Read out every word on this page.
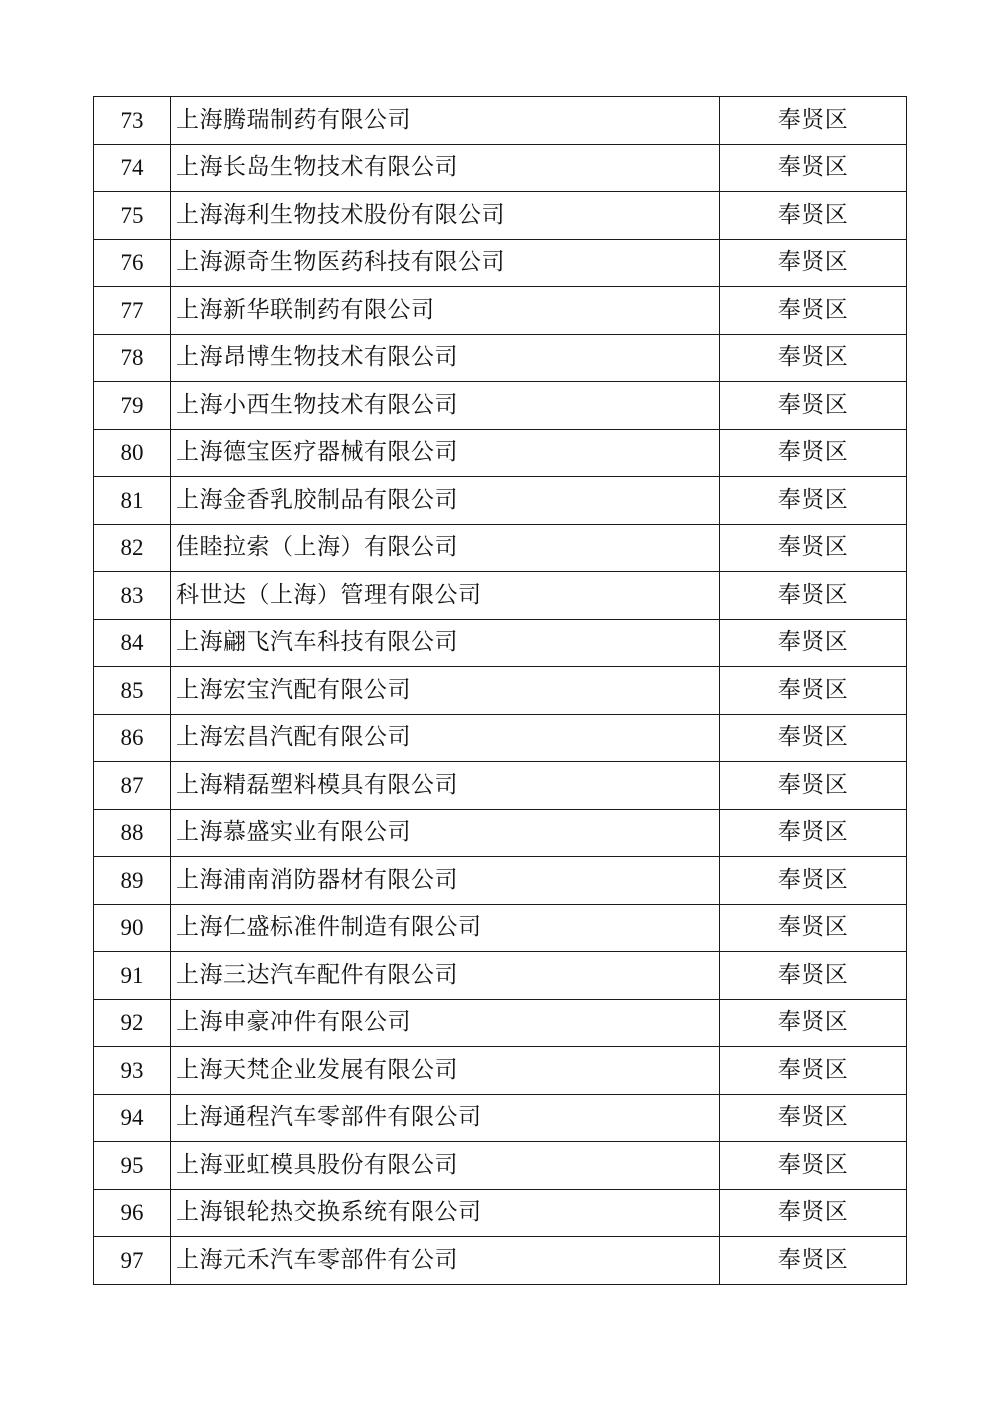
73	上海腾瑞制药有限公司	奉贤区
74	上海长岛生物技术有限公司	奉贤区
75	上海海利生物技术股份有限公司	奉贤区
76	上海源奇生物医药科技有限公司	奉贤区
77	上海新华联制药有限公司	奉贤区
78	上海昂博生物技术有限公司	奉贤区
79	上海小西生物技术有限公司	奉贤区
80	上海德宝医疗器械有限公司	奉贤区
81	上海金香乳胶制品有限公司	奉贤区
82	佳睦拉索（上海）有限公司	奉贤区
83	科世达（上海）管理有限公司	奉贤区
84	上海翩飞汽车科技有限公司	奉贤区
85	上海宏宝汽配有限公司	奉贤区
86	上海宏昌汽配有限公司	奉贤区
87	上海精磊塑料模具有限公司	奉贤区
88	上海慕盛实业有限公司	奉贤区
89	上海浦南消防器材有限公司	奉贤区
90	上海仁盛标准件制造有限公司	奉贤区
91	上海三达汽车配件有限公司	奉贤区
92	上海申豪冲件有限公司	奉贤区
93	上海天梵企业发展有限公司	奉贤区
94	上海通程汽车零部件有限公司	奉贤区
95	上海亚虹模具股份有限公司	奉贤区
96	上海银轮热交换系统有限公司	奉贤区
97	上海元禾汽车零部件有公司	奉贤区
